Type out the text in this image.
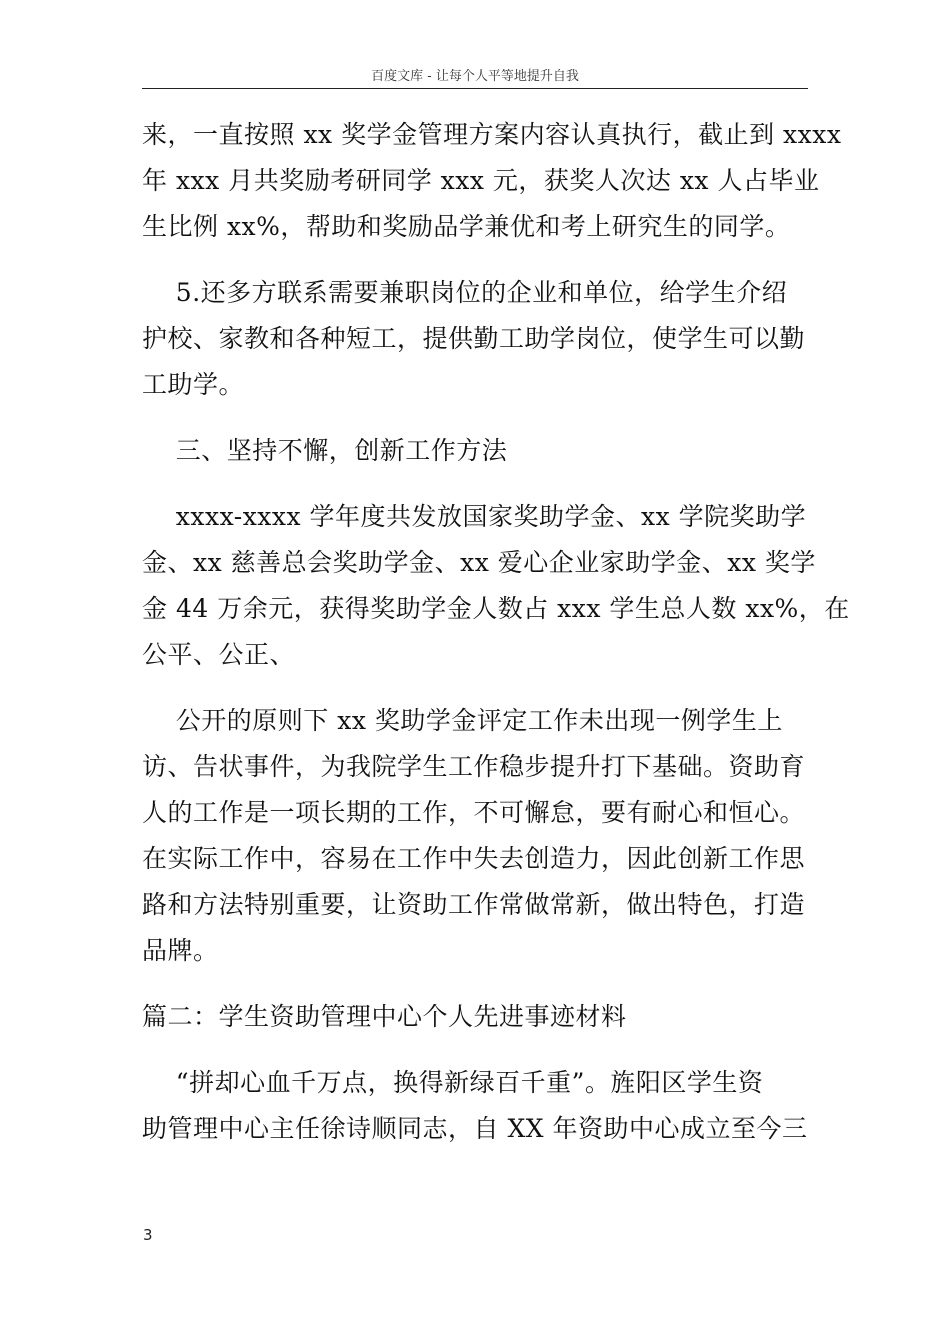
百度文库 - 让每个人平等地提升自我

来，一直按照 xx 奖学金管理方案内容认真执行，截止到 xxxx
年 xxx 月共奖励考研同学 xxx 元，获奖人次达 xx 人占毕业
生比例 xx%，帮助和奖励品学兼优和考上研究生的同学。

5.还多方联系需要兼职岗位的企业和单位，给学生介绍
护校、家教和各种短工，提供勤工助学岗位，使学生可以勤
工助学。

三、坚持不懈，创新工作方法

xxxx-xxxx 学年度共发放国家奖助学金、xx 学院奖助学
金、xx 慈善总会奖助学金、xx 爱心企业家助学金、xx 奖学
金 44 万余元，获得奖助学金人数占 xxx 学生总人数 xx%，在
公平、公正、

公开的原则下 xx 奖助学金评定工作未出现一例学生上
访、告状事件，为我院学生工作稳步提升打下基础。资助育
人的工作是一项长期的工作，不可懈怠，要有耐心和恒心。
在实际工作中，容易在工作中失去创造力，因此创新工作思
路和方法特别重要，让资助工作常做常新，做出特色，打造
品牌。

篇二：学生资助管理中心个人先进事迹材料

“拼却心血千万点，换得新绿百千重”。旌阳区学生资
助管理中心主任徐诗顺同志，自 XX 年资助中心成立至今三

3
